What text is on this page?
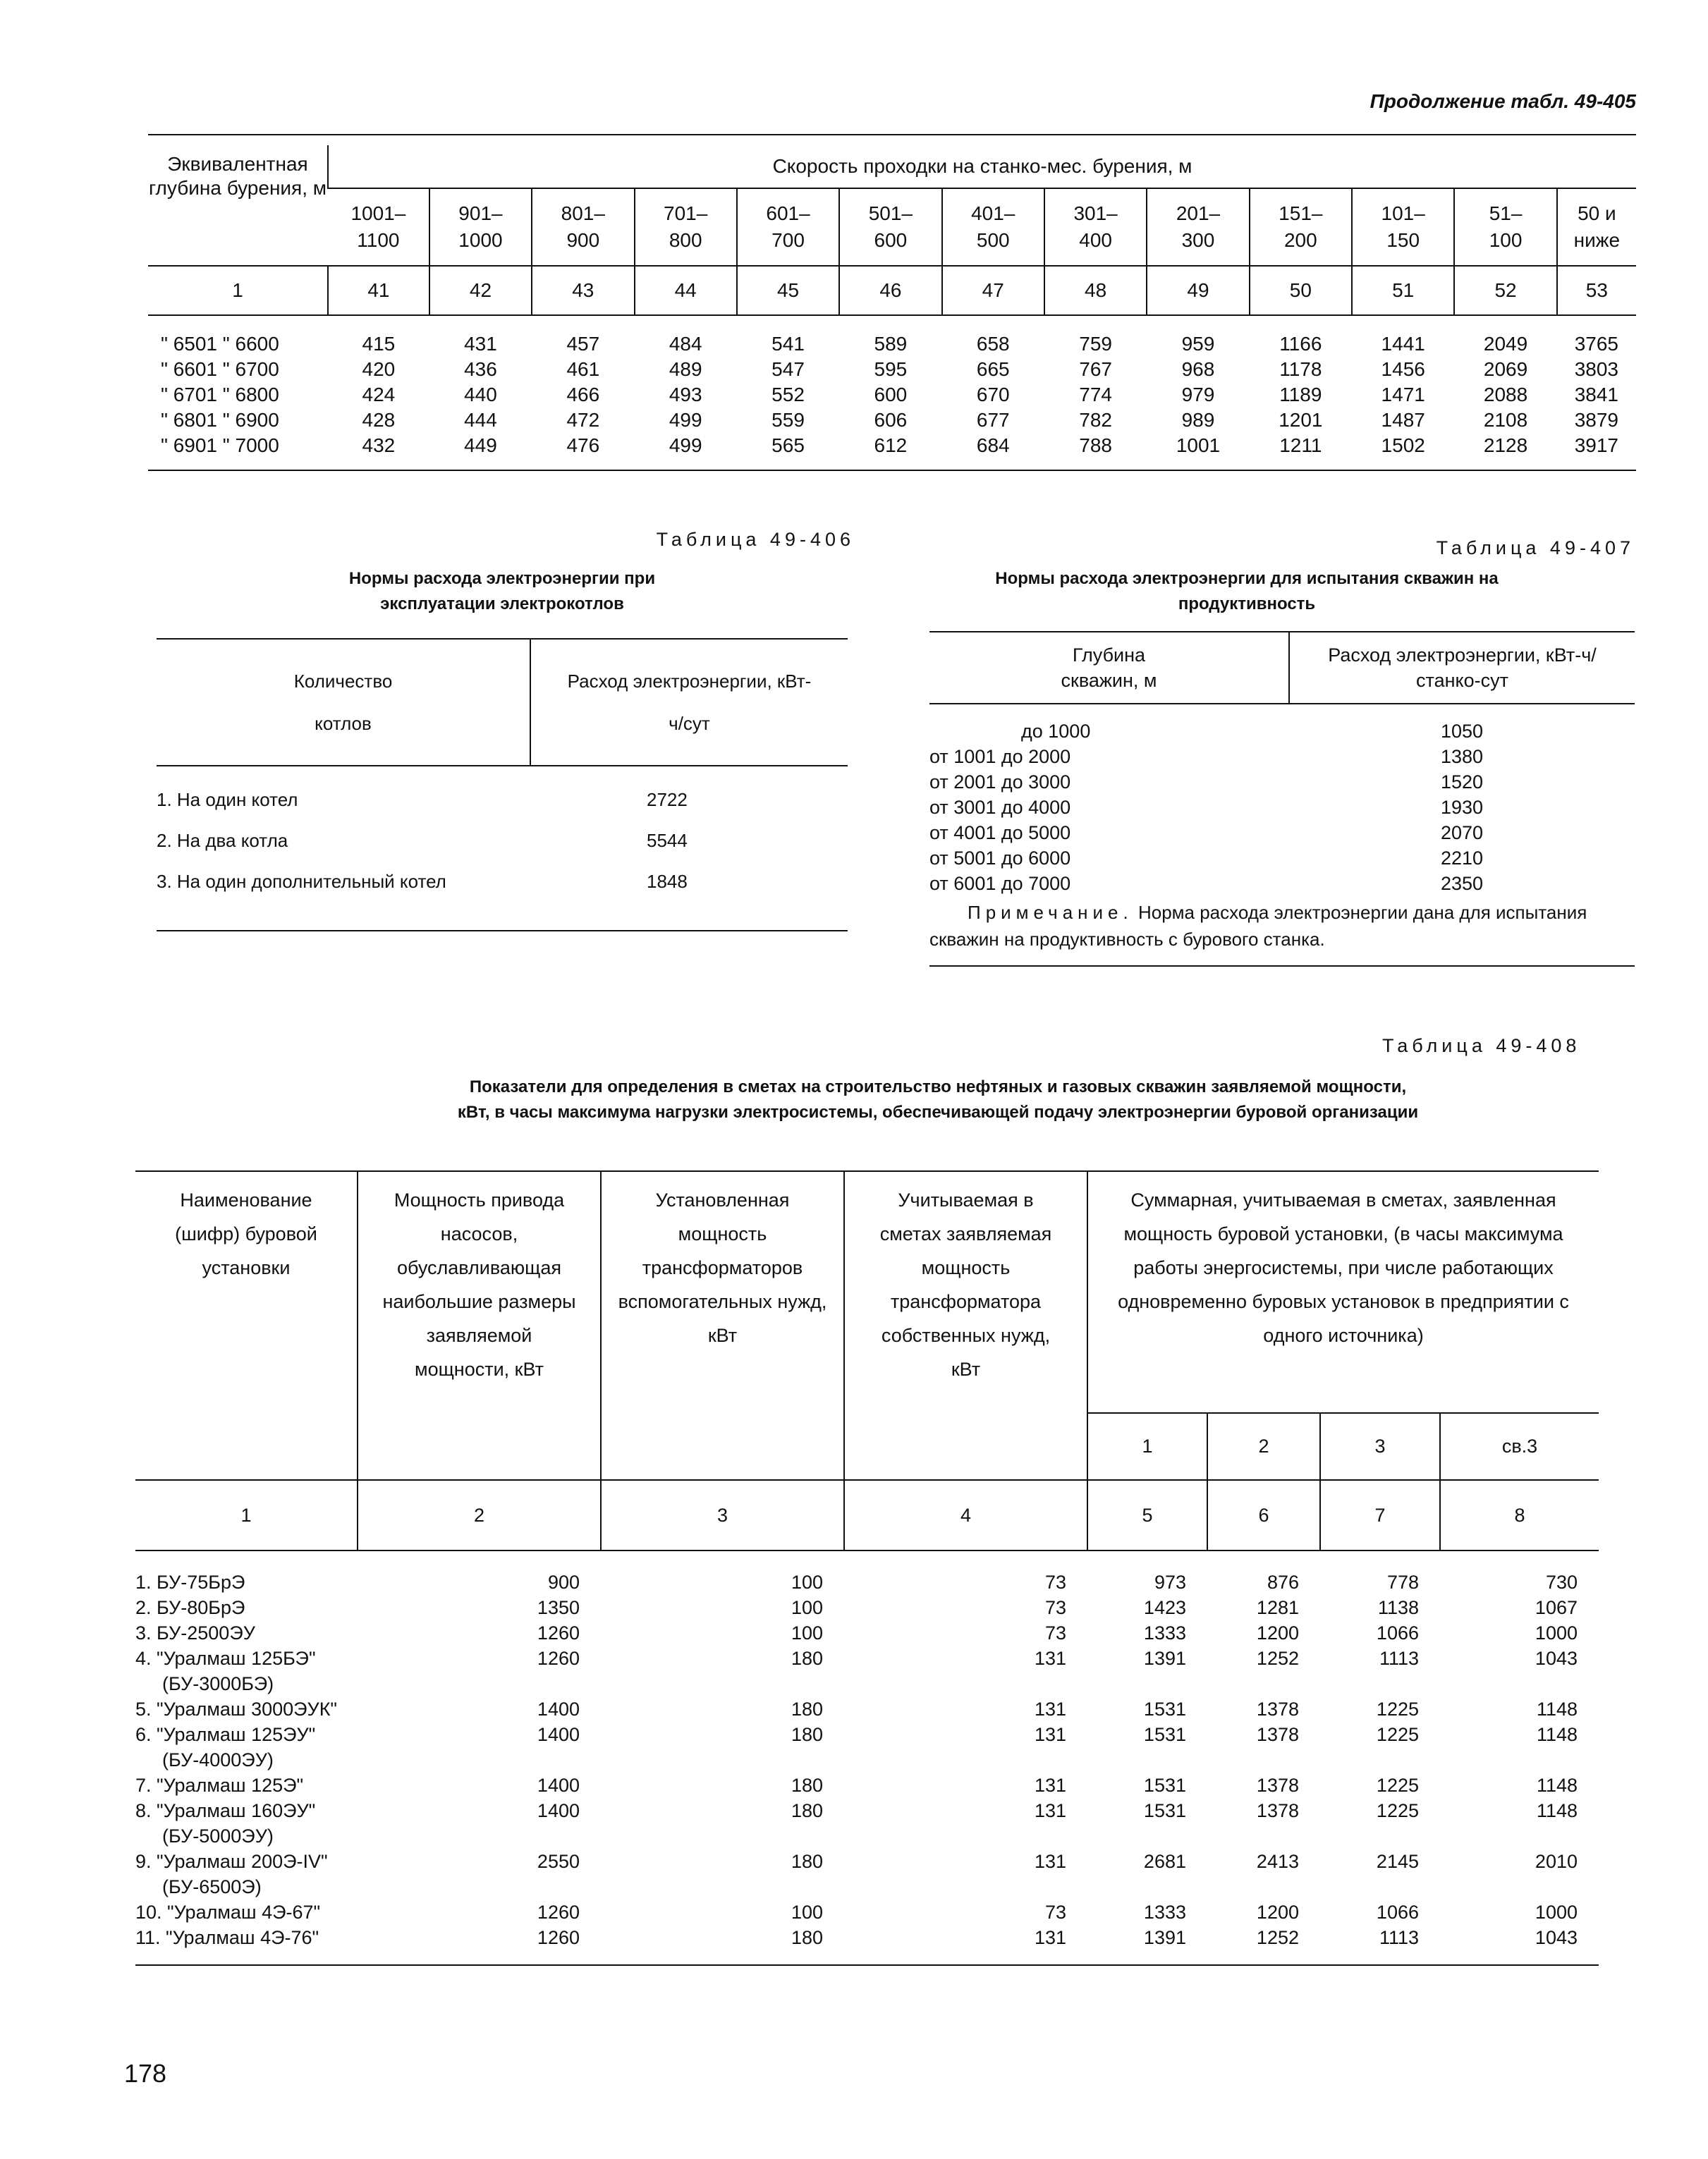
Продолжение табл. 49-405
Эквивалентная глубина бурения, м	Скорость проходки на станко-мес. бурения, м												
	1001–1100	901–1000	801–900	701–800	601–700	501–600	401–500	301–400	201–300	151–200	101–150	51–100	50 и ниже
1	41	42	43	44	45	46	47	48	49	50	51	52	53

" 6501 " 6600	415	431	457	484	541	589	658	759	959	1166	1441	2049	3765
" 6601 " 6700	420	436	461	489	547	595	665	767	968	1178	1456	2069	3803
" 6701 " 6800	424	440	466	493	552	600	670	774	979	1189	1471	2088	3841
" 6801 " 6900	428	444	472	499	559	606	677	782	989	1201	1487	2108	3879
" 6901 " 7000	432	449	476	499	565	612	684	788	1001	1211	1502	2128	3917
Таблица 49-406
Нормы расхода электроэнергии при эксплуатации электрокотлов
Количество котлов	Расход электроэнергии, кВт-ч/сут

1. На один котел	2722
2. На два котла	5544
3. На один дополнительный котел	1848

Таблица 49-407
Нормы расхода электроэнергии для испытания скважин на продуктивность
Глубина скважин, м	Расход электроэнергии, кВт-ч/станко-сут

до 1000	1050
от 1001 до 2000	1380
от 2001 до 3000	1520
от 3001 до 4000	1930
от 4001 до 5000	2070
от 5001 до 6000	2210
от 6001 до 7000	2350
Примечание. Норма расхода электроэнергии дана для испытания скважин на продуктивность с бурового станка.
Таблица 49-408
Показатели для определения в сметах на строительство нефтяных и газовых скважин заявляемой мощности, кВт, в часы максимума нагрузки электросистемы, обеспечивающей подачу электроэнергии буровой организации
Наименование (шифр) буровой установки	Мощность привода насосов, обуславливающая наибольшие размеры заявляемой мощности, кВт	Установленная мощность трансформаторов вспомогательных нужд, кВт	Учитываемая в сметах заявляемая мощность трансформатора собственных нужд, кВт	Суммарная, учитываемая в сметах, заявленная мощность буровой установки, (в часы максимума работы энергосистемы, при числе работающих одновременно буровых установок в предприятии с одного источника)			
				1	2	3	св.3
1	2	3	4	5	6	7	8

1. БУ-75БрЭ	900	100	73	973	876	778	730
2. БУ-80БрЭ	1350	100	73	1423	1281	1138	1067
3. БУ-2500ЭУ	1260	100	73	1333	1200	1066	1000
4. "Уралмаш 125БЭ"
(БУ-3000БЭ)	1260	180	131	1391	1252	1113	1043
5. "Уралмаш 3000ЭУК"	1400	180	131	1531	1378	1225	1148
6. "Уралмаш 125ЭУ"
(БУ-4000ЭУ)	1400	180	131	1531	1378	1225	1148
7. "Уралмаш 125Э"	1400	180	131	1531	1378	1225	1148
8. "Уралмаш 160ЭУ"
(БУ-5000ЭУ)	1400	180	131	1531	1378	1225	1148
9. "Уралмаш 200Э-IV"
(БУ-6500Э)	2550	180	131	2681	2413	2145	2010
10. "Уралмаш 4Э-67"	1260	100	73	1333	1200	1066	1000
11. "Уралмаш 4Э-76"	1260	180	131	1391	1252	1113	1043

178
